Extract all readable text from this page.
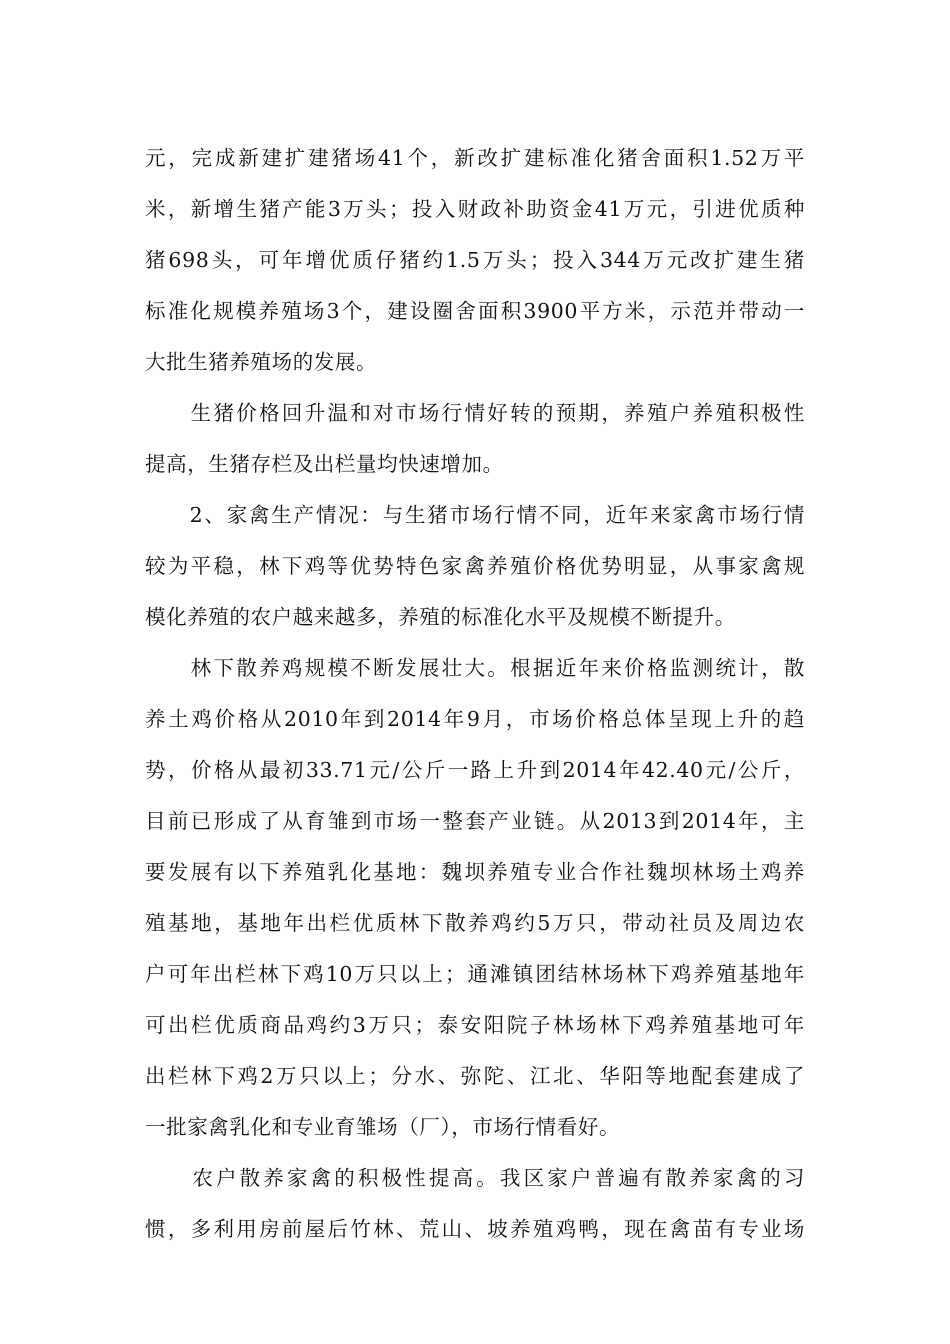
元，完成新建扩建猪场41个，新改扩建标准化猪舍面积1.52万平
米，新增生猪产能3万头；投入财政补助资金41万元，引进优质种
猪698头，可年增优质仔猪约1.5万头；投入344万元改扩建生猪
标准化规模养殖场3个，建设圈舍面积3900平方米，示范并带动一
大批生猪养殖场的发展。
　　生猪价格回升温和对市场行情好转的预期，养殖户养殖积极性
提高，生猪存栏及出栏量均快速增加。
　　2、家禽生产情况：与生猪市场行情不同，近年来家禽市场行情
较为平稳，林下鸡等优势特色家禽养殖价格优势明显，从事家禽规
模化养殖的农户越来越多，养殖的标准化水平及规模不断提升。
　　林下散养鸡规模不断发展壮大。根据近年来价格监测统计，散
养土鸡价格从2010年到2014年9月，市场价格总体呈现上升的趋
势，价格从最初33.71元/公斤一路上升到2014年42.40元/公斤，
目前已形成了从育雏到市场一整套产业链。从2013到2014年，主
要发展有以下养殖乳化基地：魏坝养殖专业合作社魏坝林场土鸡养
殖基地，基地年出栏优质林下散养鸡约5万只，带动社员及周边农
户可年出栏林下鸡10万只以上；通滩镇团结林场林下鸡养殖基地年
可出栏优质商品鸡约3万只；泰安阳院子林场林下鸡养殖基地可年
出栏林下鸡2万只以上；分水、弥陀、江北、华阳等地配套建成了
一批家禽乳化和专业育雏场（厂），市场行情看好。
　　农户散养家禽的积极性提高。我区家户普遍有散养家禽的习
惯，多利用房前屋后竹林、荒山、坡养殖鸡鸭，现在禽苗有专业场
